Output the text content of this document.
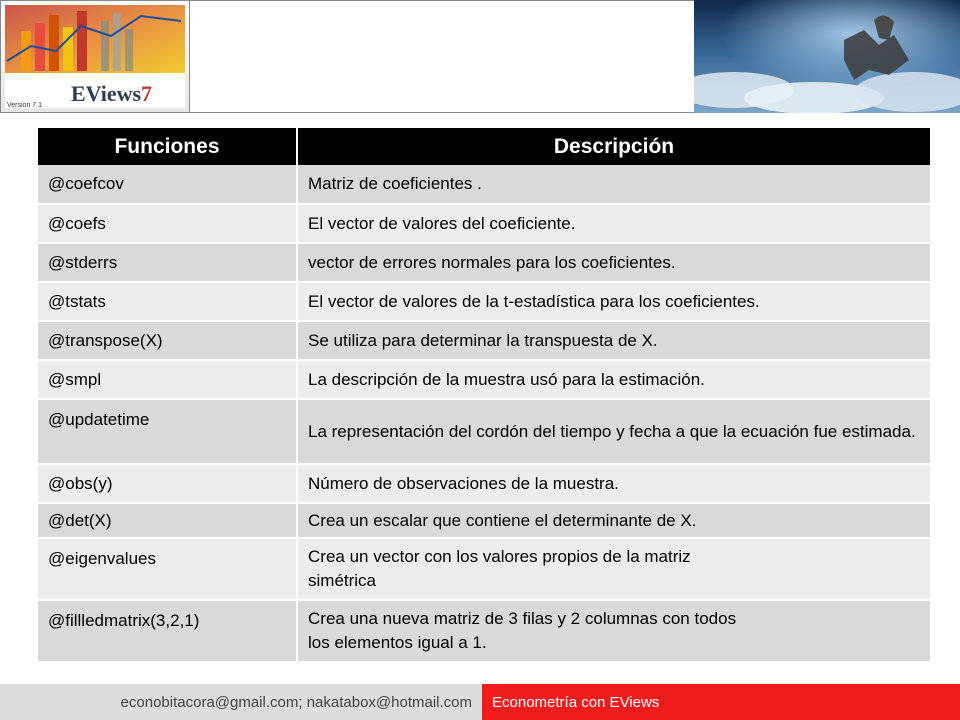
7
EViews
Version 7.1
Funciones	Descripción
@coefcov	Matriz de coeficientes .
@coefs	El vector de valores del coeficiente.
@stderrs	vector de errores normales para los coeficientes.
@tstats	El vector de valores de la t-estadística para los coeficientes.
@transpose(X)	Se utiliza para determinar la transpuesta de X.
@smpl	La descripción de la muestra usó para la estimación.
@updatetime	La representación del cordón del tiempo y fecha a que la ecuación fue estimada.
@obs(y)	Número de observaciones de la muestra.
@det(X)	Crea un escalar que contiene el determinante de X.
@eigenvalues	Crea un vector con los valores propios de la matriz simétrica
@fillledmatrix(3,2,1)	Crea una nueva matriz de 3 filas y 2 columnas con todos los elementos igual a 1.
econobitacora@gmail.com; nakatabox@hotmail.com	Econometría con EViews
